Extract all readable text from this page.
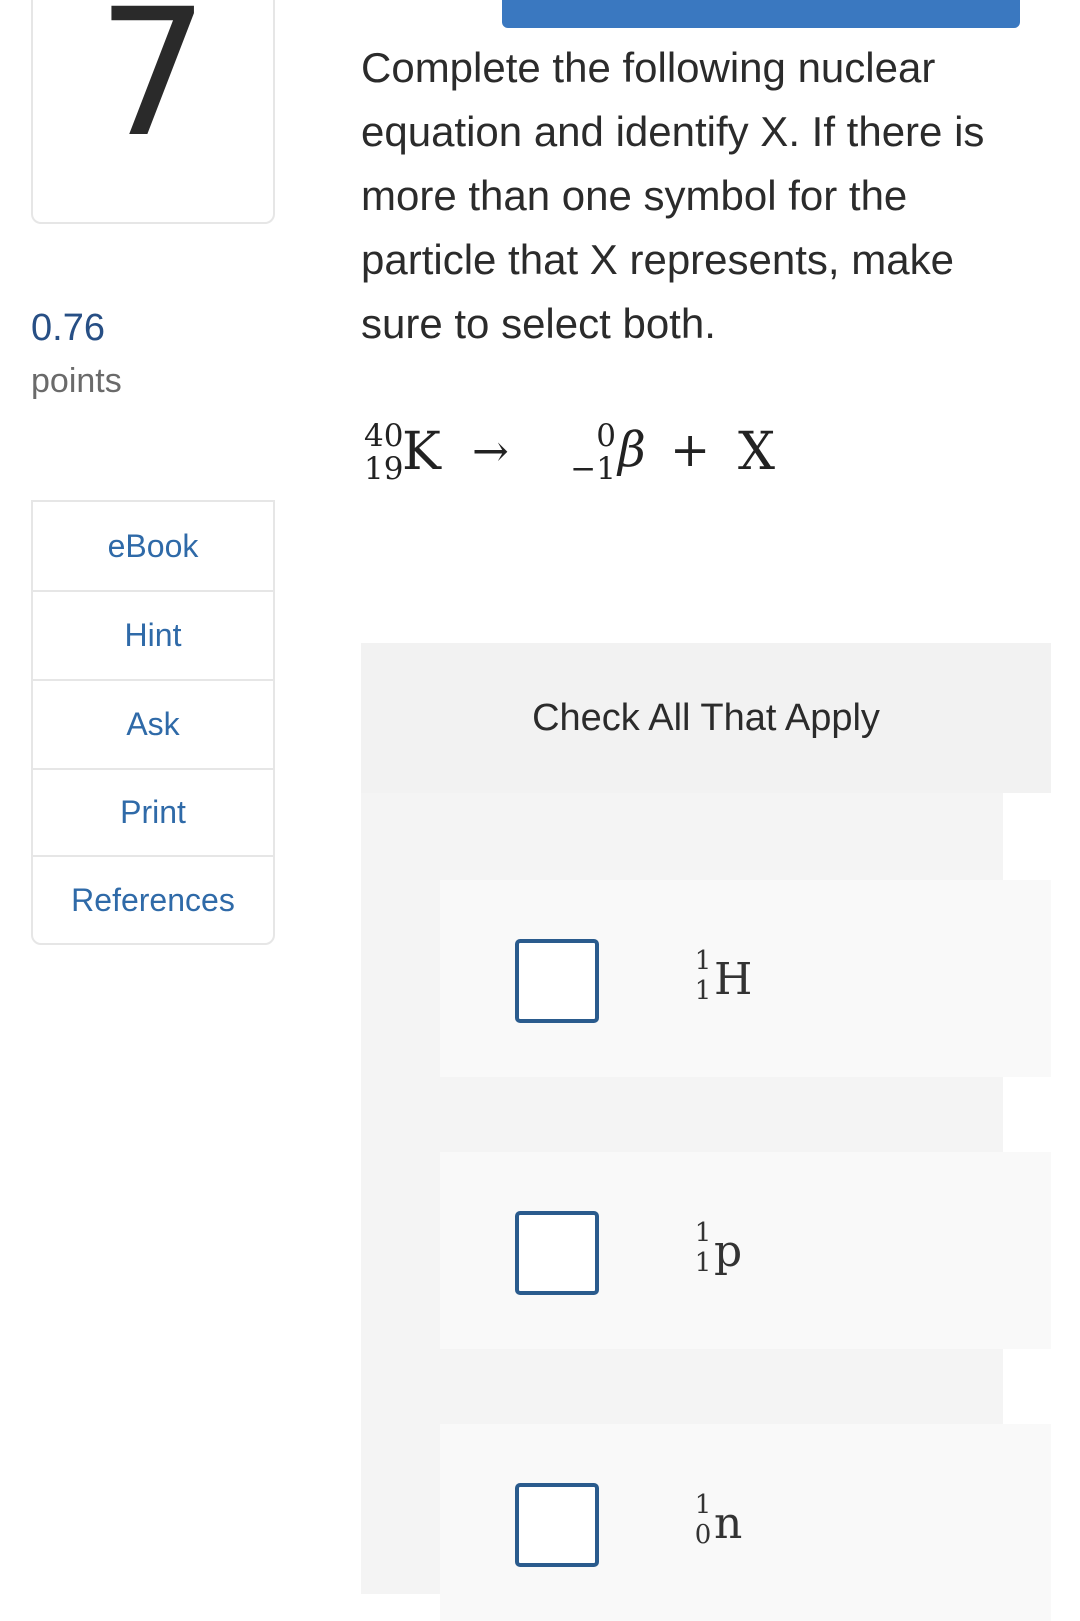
7
0.76
points
eBook
Hint
Ask
Print
References
Complete the following nuclear equation and identify X. If there is more than one symbol for the particle that X represents, make sure to select both.
40
19
K →	0
−1 β + X
Check All That Apply
1
1 H
1
1 p
1
0 n
